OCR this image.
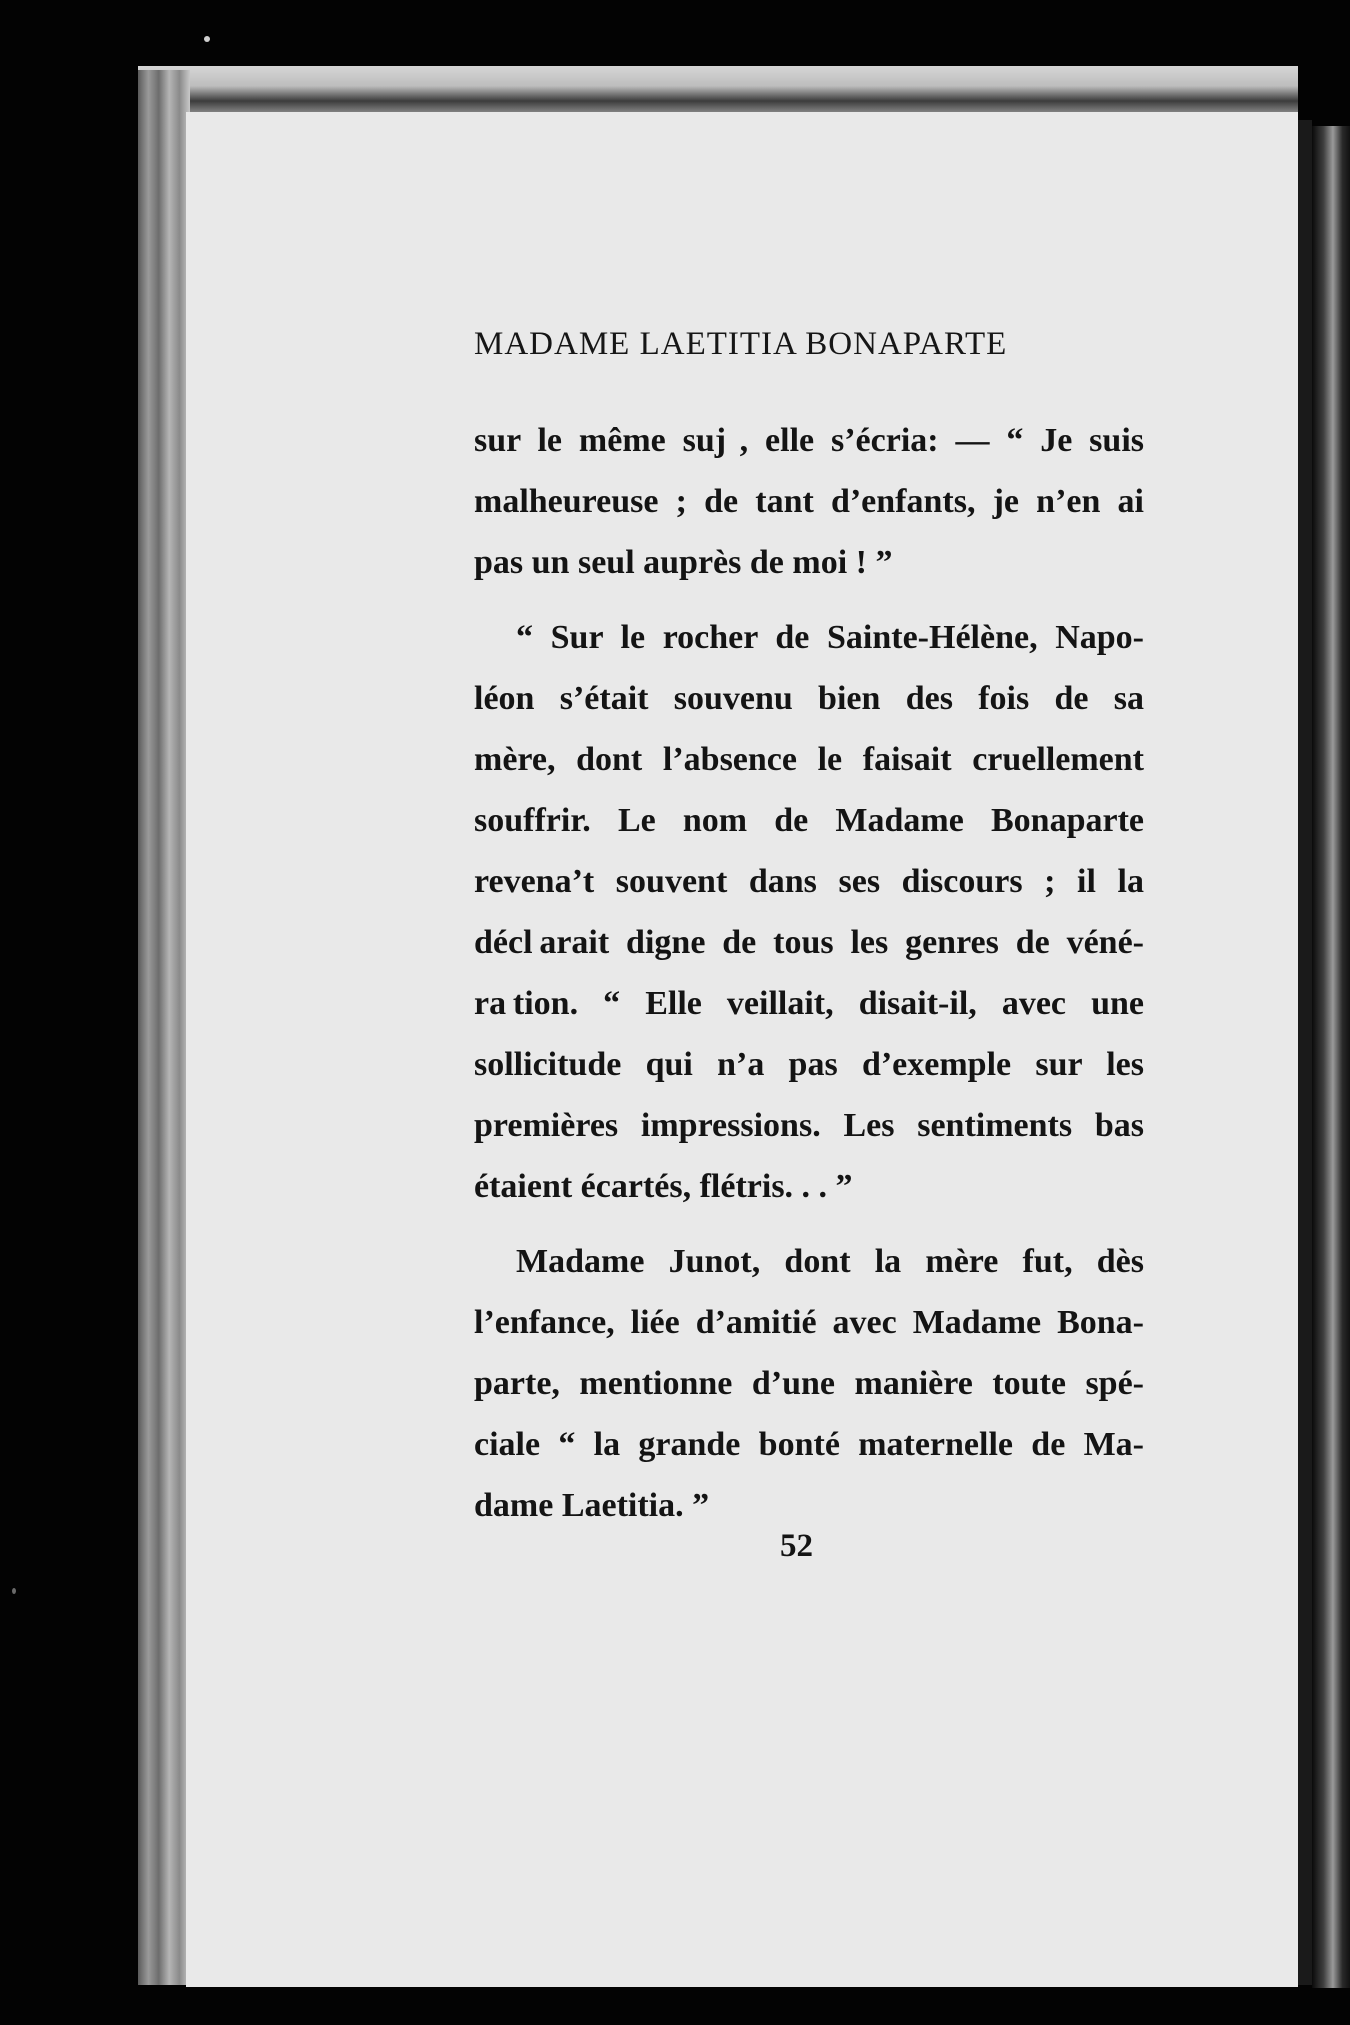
MADAME LAETITIA BONAPARTE
sur le même suj  , elle s’écria: — “ Je suis
malheureuse ; de tant d’enfants, je n’en ai
pas un seul auprès de moi ! ”
“ Sur le rocher de Sainte-Hélène, Napo-
léon s’était souvenu bien des fois de sa
mère, dont l’absence le faisait cruellement
souffrir. Le nom de Madame Bonaparte
revena’t souvent dans ses discours ; il la
décl arait digne de tous les genres de véné-
ra tion. “ Elle veillait, disait-il, avec une
sollicitude qui n’a pas d’exemple sur les
premières impressions. Les sentiments bas
étaient écartés, flétris. . . ”
Madame Junot, dont la mère fut, dès
l’enfance, liée d’amitié avec Madame Bona-
parte, mentionne d’une manière toute spé-
ciale “ la grande bonté maternelle de Ma-
dame Laetitia. ”
52
